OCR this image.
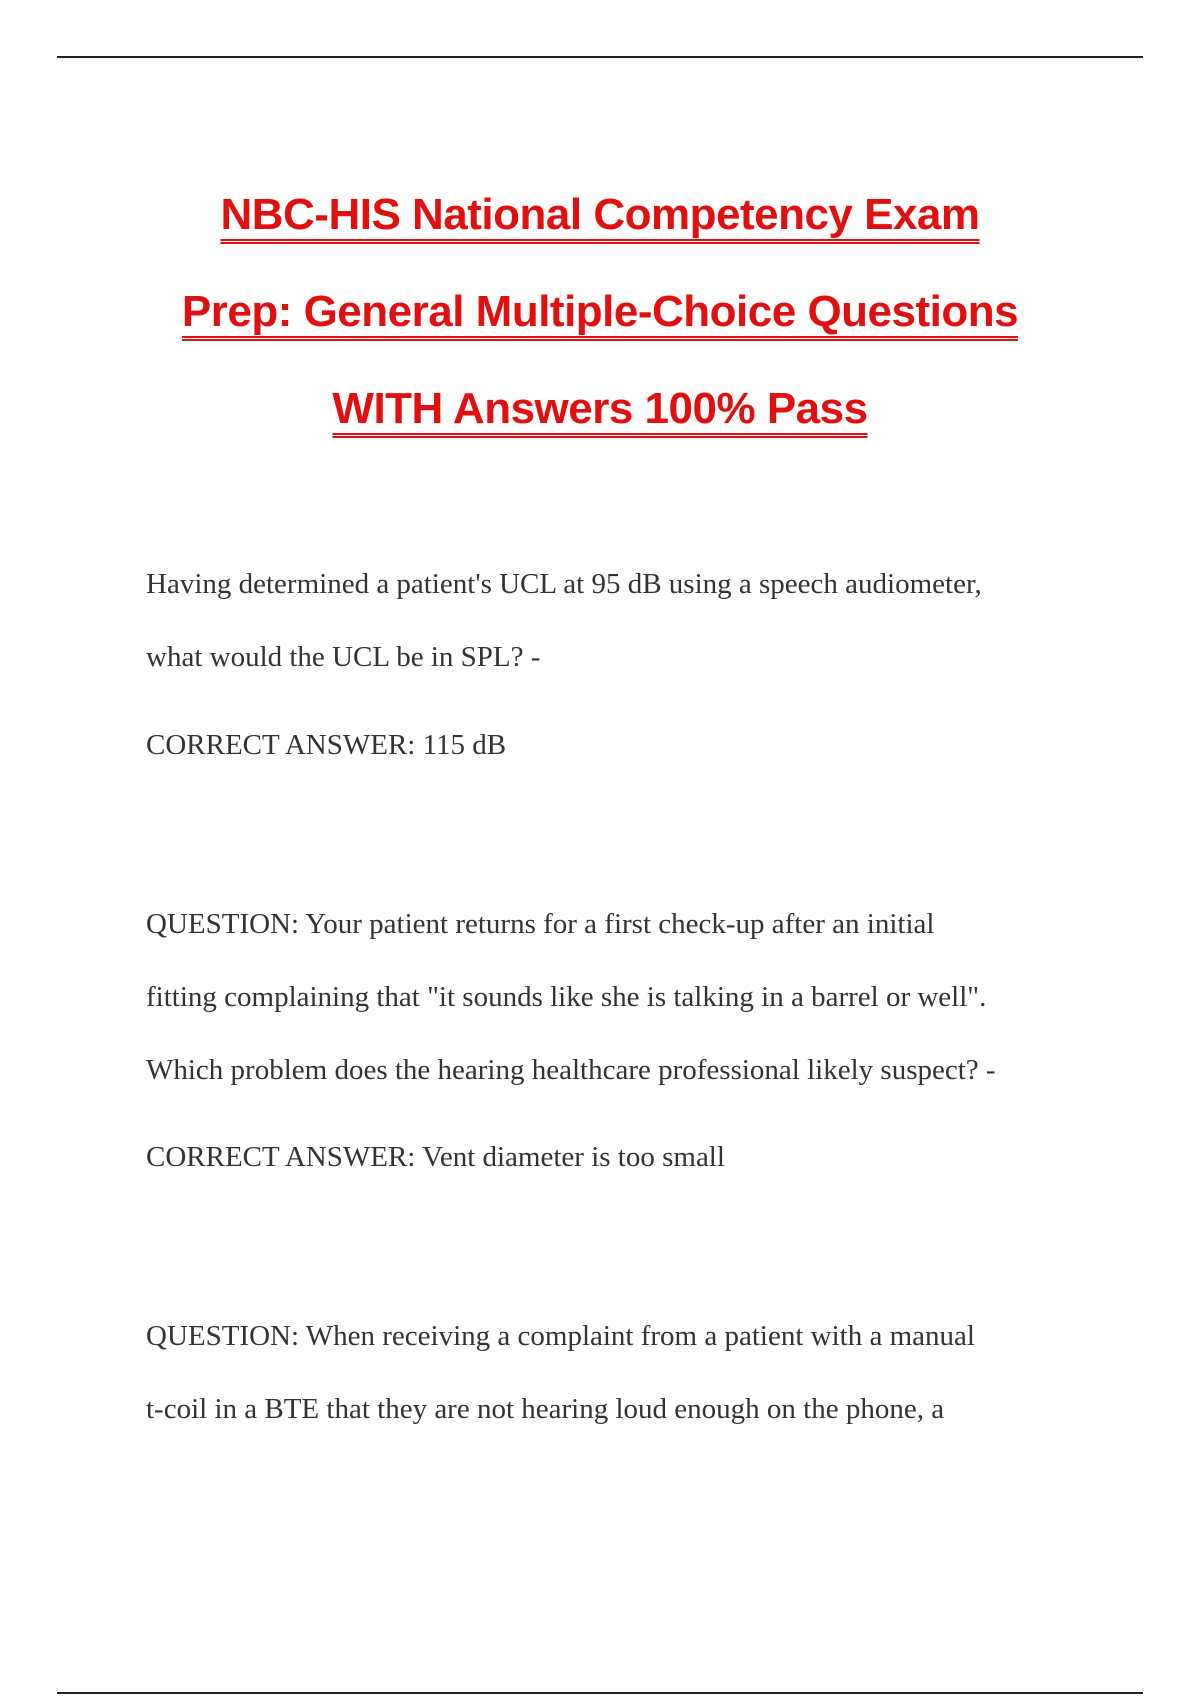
NBC-HIS National Competency Exam
Prep: General Multiple-Choice Questions
WITH Answers 100% Pass
Having determined a patient's UCL at 95 dB using a speech audiometer,
what would the UCL be in SPL? -
CORRECT ANSWER: 115 dB
QUESTION: Your patient returns for a first check-up after an initial
fitting complaining that "it sounds like she is talking in a barrel or well".
Which problem does the hearing healthcare professional likely suspect? -
CORRECT ANSWER: Vent diameter is too small
QUESTION: When receiving a complaint from a patient with a manual
t-coil in a BTE that they are not hearing loud enough on the phone, a
